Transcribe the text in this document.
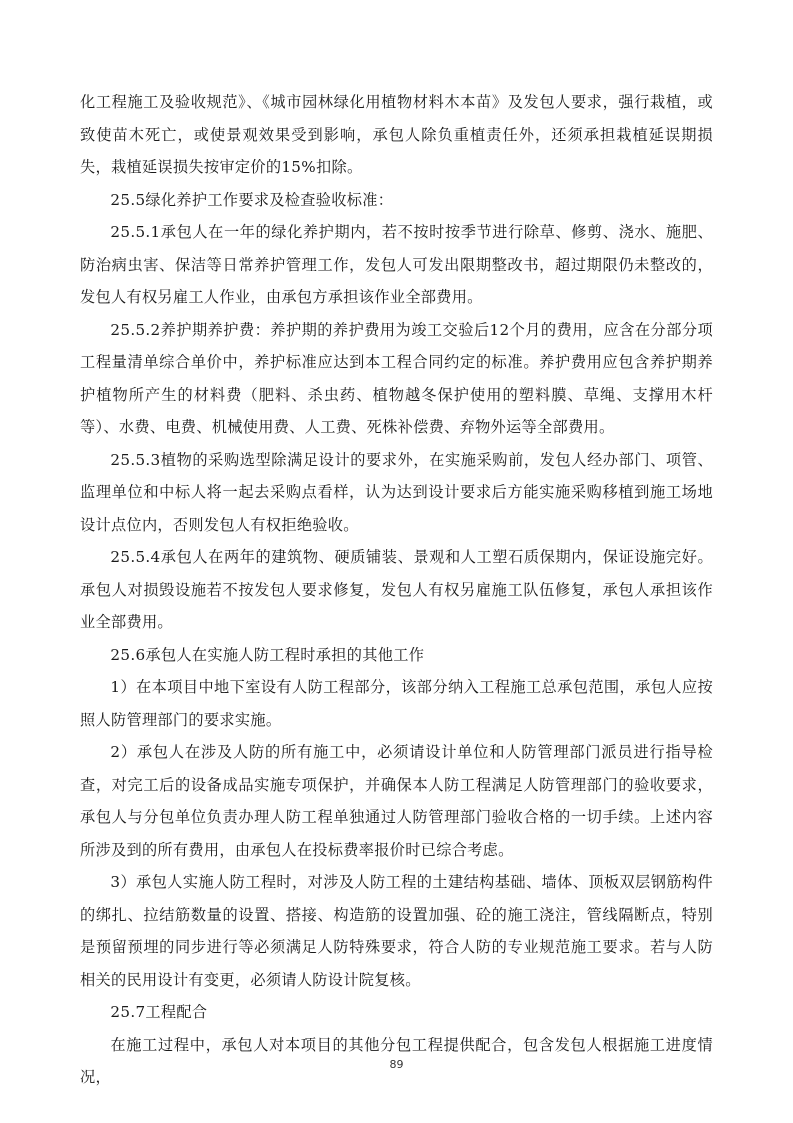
化工程施工及验收规范》、《城市园林绿化用植物材料木本苗》及发包人要求，强行栽植，或致使苗木死亡，或使景观效果受到影响，承包人除负重植责任外，还须承担栽植延误期损失，栽植延误损失按审定价的15%扣除。

25.5绿化养护工作要求及检查验收标准：

25.5.1承包人在一年的绿化养护期内，若不按时按季节进行除草、修剪、浇水、施肥、防治病虫害、保洁等日常养护管理工作，发包人可发出限期整改书，超过期限仍未整改的，发包人有权另雇工人作业，由承包方承担该作业全部费用。

25.5.2养护期养护费：养护期的养护费用为竣工交验后12个月的费用，应含在分部分项工程量清单综合单价中，养护标准应达到本工程合同约定的标准。养护费用应包含养护期养护植物所产生的材料费（肥料、杀虫药、植物越冬保护使用的塑料膜、草绳、支撑用木杆等）、水费、电费、机械使用费、人工费、死株补偿费、弃物外运等全部费用。

25.5.3植物的采购选型除满足设计的要求外，在实施采购前，发包人经办部门、项管、监理单位和中标人将一起去采购点看样，认为达到设计要求后方能实施采购移植到施工场地设计点位内，否则发包人有权拒绝验收。

25.5.4承包人在两年的建筑物、硬质铺装、景观和人工塑石质保期内，保证设施完好。承包人对损毁设施若不按发包人要求修复，发包人有权另雇施工队伍修复，承包人承担该作业全部费用。

25.6承包人在实施人防工程时承担的其他工作

1）在本项目中地下室设有人防工程部分，该部分纳入工程施工总承包范围，承包人应按照人防管理部门的要求实施。

2）承包人在涉及人防的所有施工中，必须请设计单位和人防管理部门派员进行指导检查，对完工后的设备成品实施专项保护，并确保本人防工程满足人防管理部门的验收要求，承包人与分包单位负责办理人防工程单独通过人防管理部门验收合格的一切手续。上述内容所涉及到的所有费用，由承包人在投标费率报价时已综合考虑。

3）承包人实施人防工程时，对涉及人防工程的土建结构基础、墙体、顶板双层钢筋构件的绑扎、拉结筋数量的设置、搭接、构造筋的设置加强、砼的施工浇注，管线隔断点，特别是预留预埋的同步进行等必须满足人防特殊要求，符合人防的专业规范施工要求。若与人防相关的民用设计有变更，必须请人防设计院复核。

25.7工程配合

在施工过程中，承包人对本项目的其他分包工程提供配合，包含发包人根据施工进度情况，

89
